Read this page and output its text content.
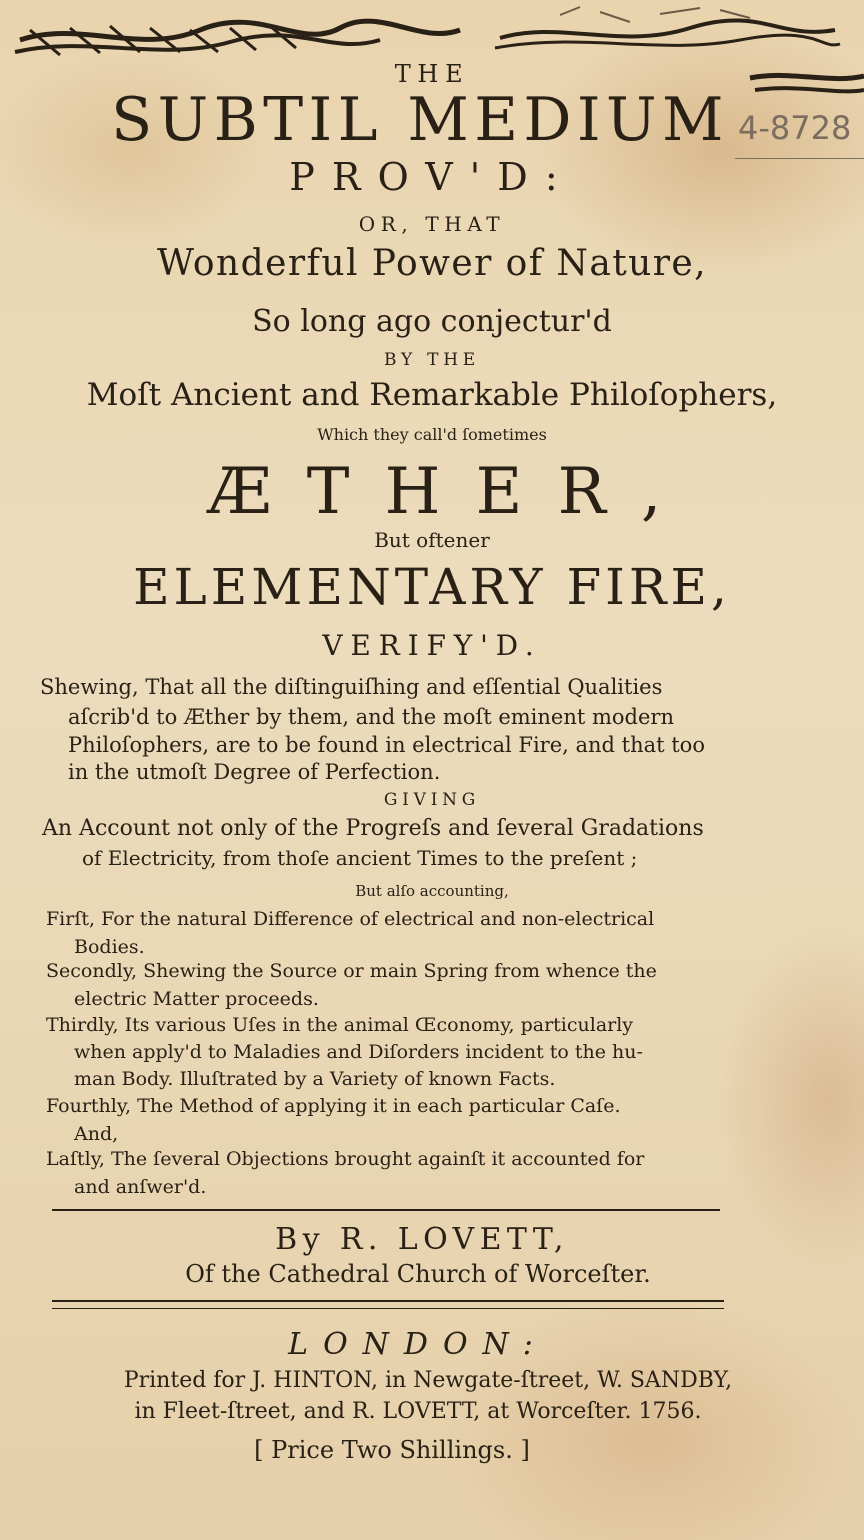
4-8728
THE
SUBTIL MEDIUM
PROV'D:
OR, THAT
Wonderful Power of Nature,
So long ago conjectur'd
BY THE
Moſt Ancient and Remarkable Philoſophers,
Which they call'd ſometimes
ÆTHER,
But oftener
ELEMENTARY FIRE,
VERIFY'D.
Shewing, That all the diſtinguiſhing and eſſential Qualities
aſcrib'd to Æther by them, and the moſt eminent modern
Philoſophers, are to be found in electrical Fire, and that too
in the utmoſt Degree of Perfection.
GIVING
An Account not only of the Progreſs and ſeveral Gradations
of Electricity, from thoſe ancient Times to the preſent ;
But alſo accounting,
Firſt, For the natural Difference of electrical and non-electrical
Bodies.
Secondly, Shewing the Source or main Spring from whence the
electric Matter proceeds.
Thirdly, Its various Uſes in the animal Œconomy, particularly
when apply'd to Maladies and Diſorders incident to the hu-
man Body. Illuſtrated by a Variety of known Facts.
Fourthly, The Method of applying it in each particular Caſe.
And,
Laſtly, The ſeveral Objections brought againſt it accounted for
and anſwer'd.
By R. LOVETT,
Of the Cathedral Church of Worceſter.
LONDON:
Printed for J. HINTON, in Newgate-ſtreet, W. SANDBY,
in Fleet-ſtreet, and R. LOVETT, at Worceſter. 1756.
[ Price Two Shillings. ]
